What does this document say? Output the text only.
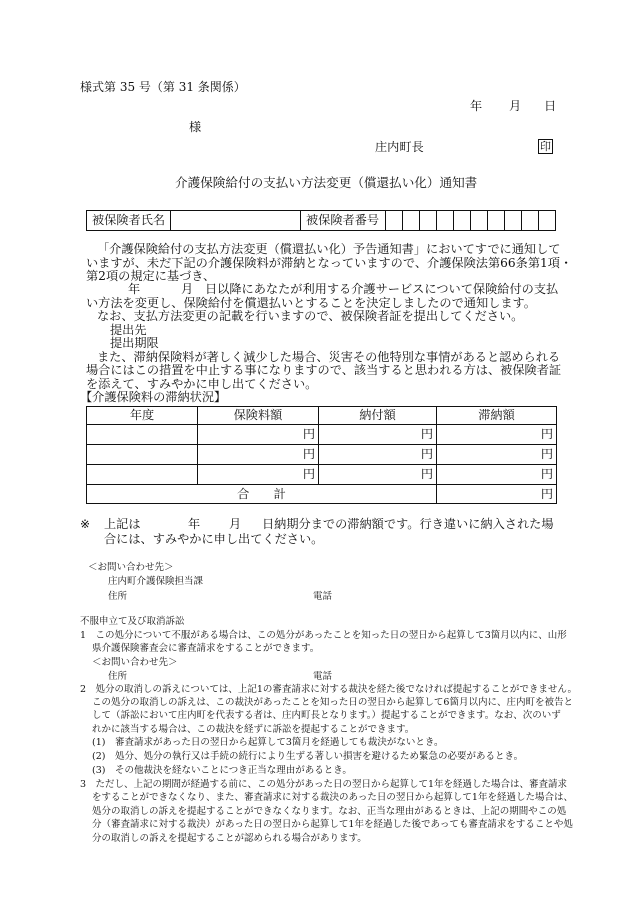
様式第 35 号（第 31 条関係）
年 月 日
様
庄内町長	印
介護保険給付の支払い方法変更（償還払い化）通知書
被保険者氏名	被保険者番号
「介護保険給付の支払方法変更（償還払い化）予告通知書」においてすでに通知して
いますが、未だ下記の介護保険料が滞納となっていますので、介護保険法第66条第1項・
第2項の規定に基づき、
年	月 日以降にあなたが利用する介護サービスについて保険給付の支払
い方法を変更し、保険給付を償還払いとすることを決定しましたので通知します。
なお、支払方法変更の記載を行いますので、被保険者証を提出してください。
提出先
提出期限
また、滞納保険料が著しく減少した場合、災害その他特別な事情があると認められる
場合にはこの措置を中止する事になりますので、該当すると思われる方は、被保険者証
を添えて、すみやかに申し出てください。
【介護保険料の滞納状況】
年度	保険料額	納付額	滞納額
	円	円	円
	円	円	円
	円	円	円
合　　計			円
※ 上記は	年 月 日納期分までの滞納額です。行き違いに納入された場
合には、すみやかに申し出てください。
＜お問い合わせ先＞
庄内町介護保険担当課
住所	電話
不服申立て及び取消訴訟
1　この処分について不服がある場合は、この処分があったことを知った日の翌日から起算して3箇月以内に、山形
県介護保険審査会に審査請求をすることができます。
＜お問い合わせ先＞
住所	電話
2　処分の取消しの訴えについては、上記1の審査請求に対する裁決を経た後でなければ提起することができません。
この処分の取消しの訴えは、この裁決があったことを知った日の翌日から起算して6箇月以内に、庄内町を被告と
して（訴訟において庄内町を代表する者は、庄内町長となります。）提起することができます。なお、次のいず
れかに該当する場合は、この裁決を経ずに訴訟を提起することができます。
(1)　審査請求があった日の翌日から起算して3箇月を経過しても裁決がないとき。
(2)　処分、処分の執行又は手続の続行により生ずる著しい損害を避けるため緊急の必要があるとき。
(3)　その他裁決を経ないことにつき正当な理由があるとき。
3　ただし、上記の期間が経過する前に、この処分があった日の翌日から起算して1年を経過した場合は、審査請求
をすることができなくなり、また、審査請求に対する裁決のあった日の翌日から起算して1年を経過した場合は、
処分の取消しの訴えを提起することができなくなります。なお、正当な理由があるときは、上記の期間やこの処
分（審査請求に対する裁決）があった日の翌日から起算して1年を経過した後であっても審査請求をすることや処
分の取消しの訴えを提起することが認められる場合があります。
